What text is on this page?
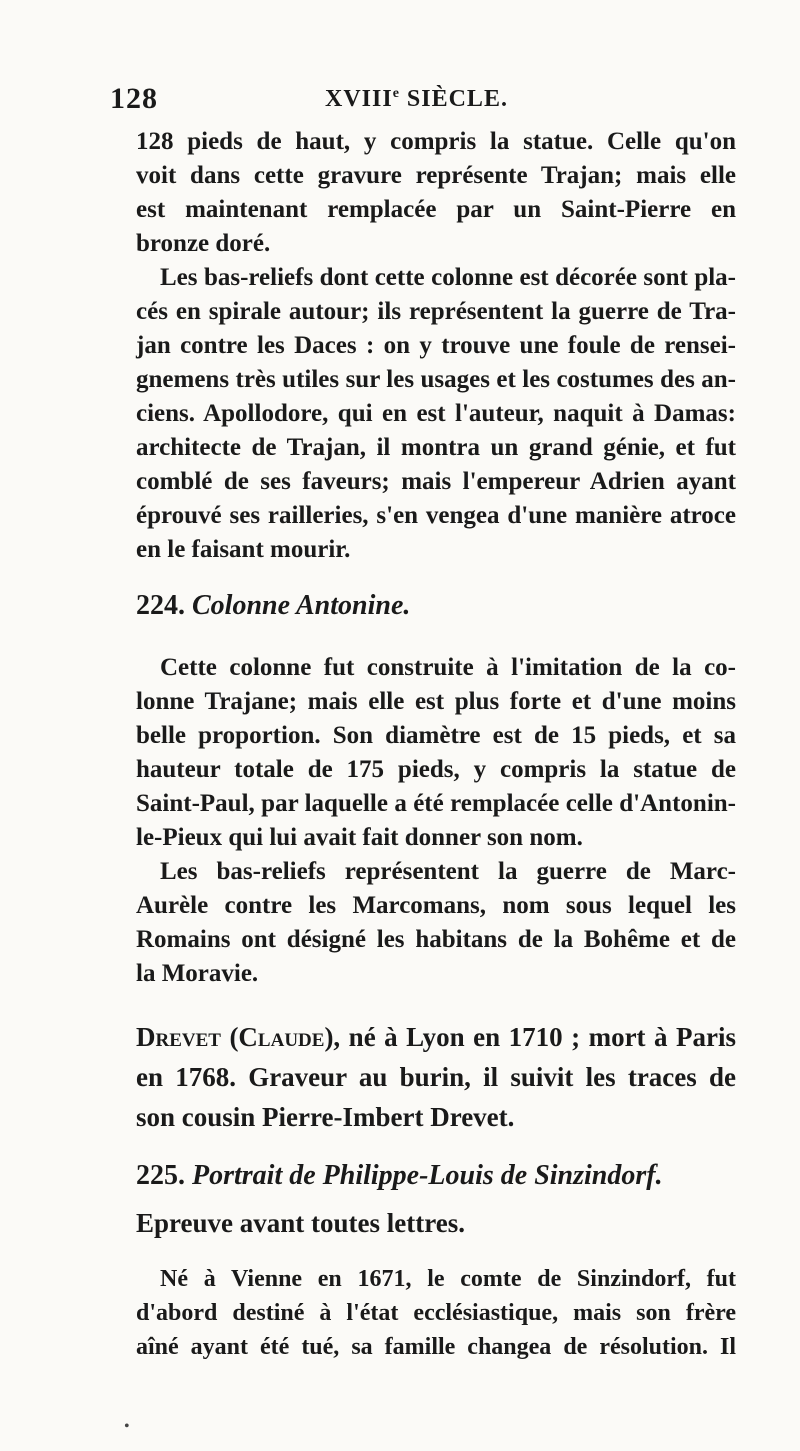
128	XVIIIe SIÈCLE.
128 pieds de haut, y compris la statue. Celle qu'on
voit dans cette gravure représente Trajan; mais elle
est maintenant remplacée par un Saint-Pierre en
bronze doré.
Les bas-reliefs dont cette colonne est décorée sont pla-
cés en spirale autour; ils représentent la guerre de Tra-
jan contre les Daces : on y trouve une foule de rensei-
gnemens très utiles sur les usages et les costumes des an-
ciens. Apollodore, qui en est l'auteur, naquit à Damas:
architecte de Trajan, il montra un grand génie, et fut
comblé de ses faveurs; mais l'empereur Adrien ayant
éprouvé ses railleries, s'en vengea d'une manière atroce
en le faisant mourir.
224. Colonne Antonine.
Cette colonne fut construite à l'imitation de la co-
lonne Trajane; mais elle est plus forte et d'une moins
belle proportion. Son diamètre est de 15 pieds, et sa
hauteur totale de 175 pieds, y compris la statue de
Saint-Paul, par laquelle a été remplacée celle d'Antonin-
le-Pieux qui lui avait fait donner son nom.
Les bas-reliefs représentent la guerre de Marc-
Aurèle contre les Marcomans, nom sous lequel les
Romains ont désigné les habitans de la Bohême et de
la Moravie.
Drevet (Claude), né à Lyon en 1710 ; mort à Paris
en 1768. Graveur au burin, il suivit les traces de
son cousin Pierre-Imbert Drevet.
225. Portrait de Philippe-Louis de Sinzindorf.
Epreuve avant toutes lettres.
Né à Vienne en 1671, le comte de Sinzindorf, fut
d'abord destiné à l'état ecclésiastique, mais son frère
aîné ayant été tué, sa famille changea de résolution. Il
•
